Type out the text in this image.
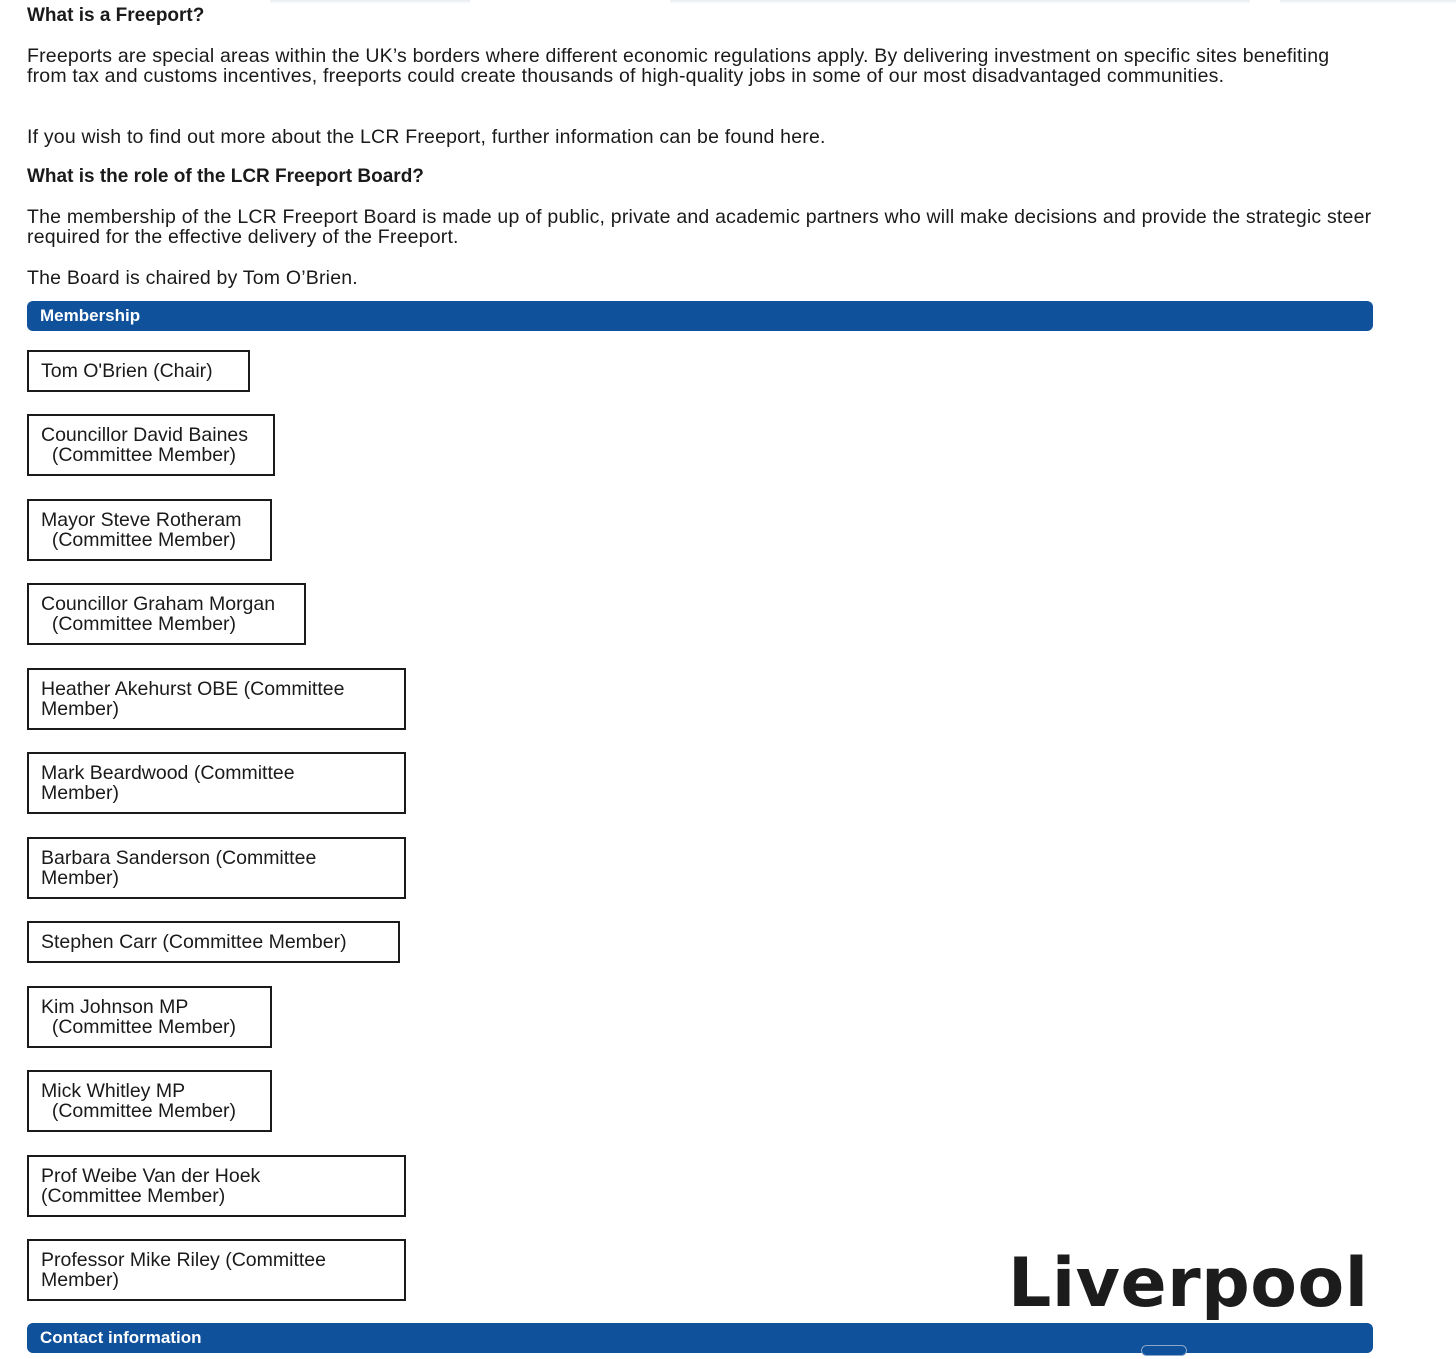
What is a Freeport?

Freeports are special areas within the UK’s borders where different economic regulations apply. By delivering investment on specific sites benefiting from tax and customs incentives, freeports could create thousands of high-quality jobs in some of our most disadvantaged communities.

If you wish to find out more about the LCR Freeport, further information can be found here.

What is the role of the LCR Freeport Board?

The membership of the LCR Freeport Board is made up of public, private and academic partners who will make decisions and provide the strategic steer required for the effective delivery of the Freeport.

The Board is chaired by Tom O’Brien.

Membership
Tom O'Brien (Chair)
Councillor David Baines
(Committee Member)
Mayor Steve Rotheram
(Committee Member)
Councillor Graham Morgan
(Committee Member)
Heather Akehurst OBE (Committee
Member)
Mark Beardwood (Committee
Member)
Barbara Sanderson (Committee
Member)
Stephen Carr (Committee Member)
Kim Johnson MP
(Committee Member)
Mick Whitley MP
(Committee Member)
Prof Weibe Van der Hoek
(Committee Member)
Professor Mike Riley (Committee
Member)	Liverpool
Contact information
